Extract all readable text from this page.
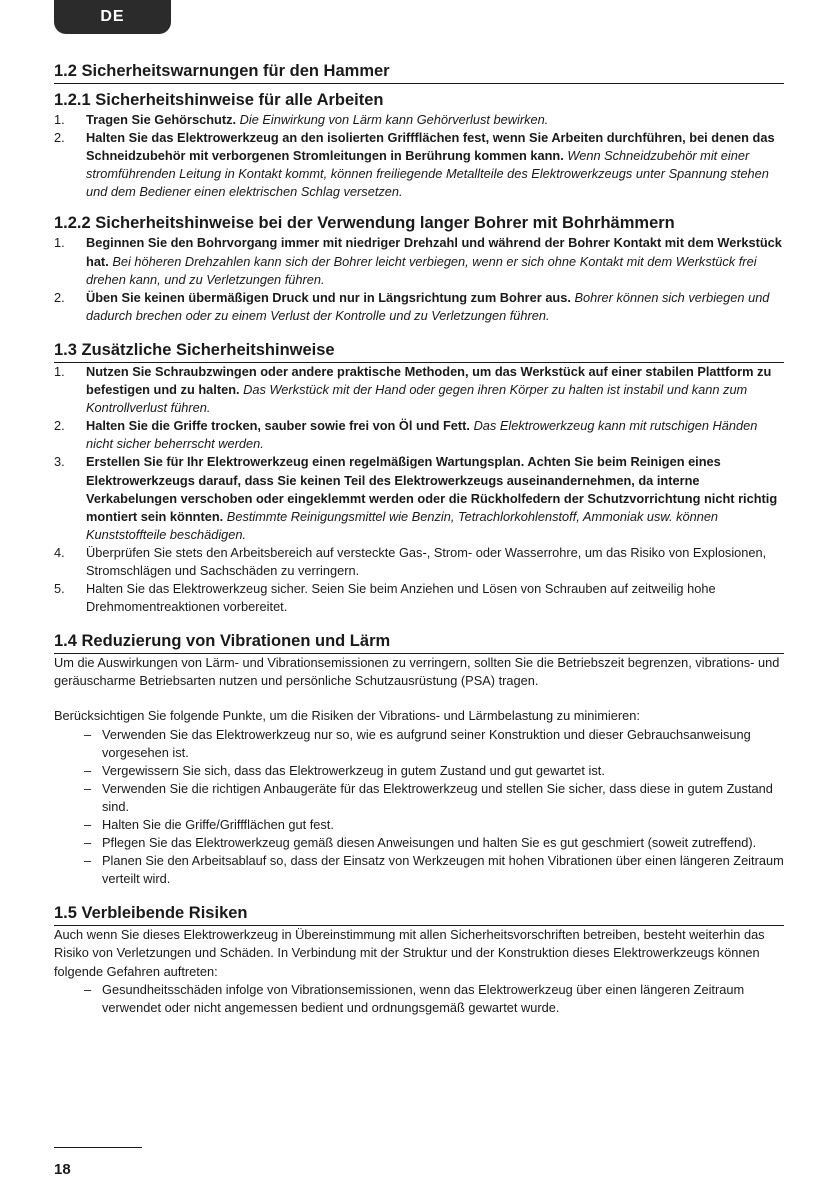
DE
1.2 Sicherheitswarnungen für den Hammer
1.2.1 Sicherheitshinweise für alle Arbeiten
1. Tragen Sie Gehörschutz. Die Einwirkung von Lärm kann Gehörverlust bewirken.
2. Halten Sie das Elektrowerkzeug an den isolierten Griffflächen fest, wenn Sie Arbeiten durchführen, bei denen das Schneidzubehör mit verborgenen Stromleitungen in Berührung kommen kann. Wenn Schneidzubehör mit einer stromführenden Leitung in Kontakt kommt, können freiliegende Metallteile des Elektrowerkzeugs unter Spannung stehen und dem Bediener einen elektrischen Schlag versetzen.
1.2.2 Sicherheitshinweise bei der Verwendung langer Bohrer mit Bohrhämmern
1. Beginnen Sie den Bohrvorgang immer mit niedriger Drehzahl und während der Bohrer Kontakt mit dem Werkstück hat. Bei höheren Drehzahlen kann sich der Bohrer leicht verbiegen, wenn er sich ohne Kontakt mit dem Werkstück frei drehen kann, und zu Verletzungen führen.
2. Üben Sie keinen übermäßigen Druck und nur in Längsrichtung zum Bohrer aus. Bohrer können sich verbiegen und dadurch brechen oder zu einem Verlust der Kontrolle und zu Verletzungen führen.
1.3 Zusätzliche Sicherheitshinweise
1. Nutzen Sie Schraubzwingen oder andere praktische Methoden, um das Werkstück auf einer stabilen Plattform zu befestigen und zu halten. Das Werkstück mit der Hand oder gegen ihren Körper zu halten ist instabil und kann zum Kontrollverlust führen.
2. Halten Sie die Griffe trocken, sauber sowie frei von Öl und Fett. Das Elektrowerkzeug kann mit rutschigen Händen nicht sicher beherrscht werden.
3. Erstellen Sie für Ihr Elektrowerkzeug einen regelmäßigen Wartungsplan. Achten Sie beim Reinigen eines Elektrowerkzeugs darauf, dass Sie keinen Teil des Elektrowerkzeugs auseinandernehmen, da interne Verkabelungen verschoben oder eingeklemmt werden oder die Rückholfedern der Schutzvorrichtung nicht richtig montiert sein könnten. Bestimmte Reinigungsmittel wie Benzin, Tetrachlorkohlenstoff, Ammoniak usw. können Kunststoffteile beschädigen.
4. Überprüfen Sie stets den Arbeitsbereich auf versteckte Gas-, Strom- oder Wasserrohre, um das Risiko von Explosionen, Stromschlägen und Sachschäden zu verringern.
5. Halten Sie das Elektrowerkzeug sicher. Seien Sie beim Anziehen und Lösen von Schrauben auf zeitweilig hohe Drehmomentreaktionen vorbereitet.
1.4 Reduzierung von Vibrationen und Lärm

Um die Auswirkungen von Lärm- und Vibrationsemissionen zu verringern, sollten Sie die Betriebszeit begrenzen, vibrations- und geräuscharme Betriebsarten nutzen und persönliche Schutzausrüstung (PSA) tragen.

Berücksichtigen Sie folgende Punkte, um die Risiken der Vibrations- und Lärmbelastung zu minimieren:

– Verwenden Sie das Elektrowerkzeug nur so, wie es aufgrund seiner Konstruktion und dieser Gebrauchsanweisung vorgesehen ist.
– Vergewissern Sie sich, dass das Elektrowerkzeug in gutem Zustand und gut gewartet ist.
– Verwenden Sie die richtigen Anbaugeräte für das Elektrowerkzeug und stellen Sie sicher, dass diese in gutem Zustand sind.
– Halten Sie die Griffe/Griffflächen gut fest.
– Pflegen Sie das Elektrowerkzeug gemäß diesen Anweisungen und halten Sie es gut geschmiert (soweit zutreffend).
– Planen Sie den Arbeitsablauf so, dass der Einsatz von Werkzeugen mit hohen Vibrationen über einen längeren Zeitraum verteilt wird.
1.5 Verbleibende Risiken

Auch wenn Sie dieses Elektrowerkzeug in Übereinstimmung mit allen Sicherheitsvorschriften betreiben, besteht weiterhin das Risiko von Verletzungen und Schäden. In Verbindung mit der Struktur und der Konstruktion dieses Elektrowerkzeugs können folgende Gefahren auftreten:

– Gesundheitsschäden infolge von Vibrationsemissionen, wenn das Elektrowerkzeug über einen längeren Zeitraum verwendet oder nicht angemessen bedient und ordnungsgemäß gewartet wurde.
18
